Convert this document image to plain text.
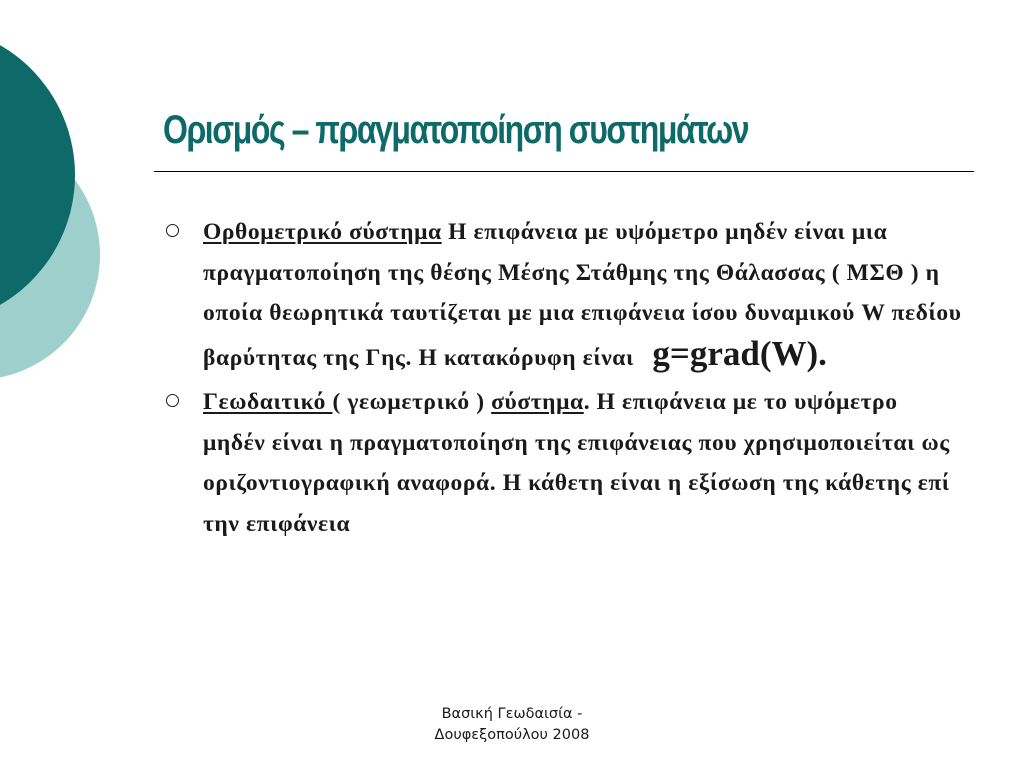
Ορισμός – πραγματοποίηση συστημάτων
Ορθομετρικό σύστημα Η επιφάνεια με υψόμετρο μηδέν είναι μια πραγματοποίηση της θέσης Μέσης Στάθμης της Θάλασσας ( ΜΣΘ ) η οποία θεωρητικά ταυτίζεται με μια επιφάνεια ίσου δυναμικού W πεδίου βαρύτητας της Γης. Η κατακόρυφη είναι g=grad(W).
Γεωδαιτικό ( γεωμετρικό ) σύστημα. Η επιφάνεια με το υψόμετρο μηδέν είναι η πραγματοποίηση της επιφάνειας που χρησιμοποιείται ως οριζοντιογραφική αναφορά. Η κάθετη είναι η εξίσωση της κάθετης επί την επιφάνεια
Βασική Γεωδαισία -
Δουφεξοπούλου 2008
